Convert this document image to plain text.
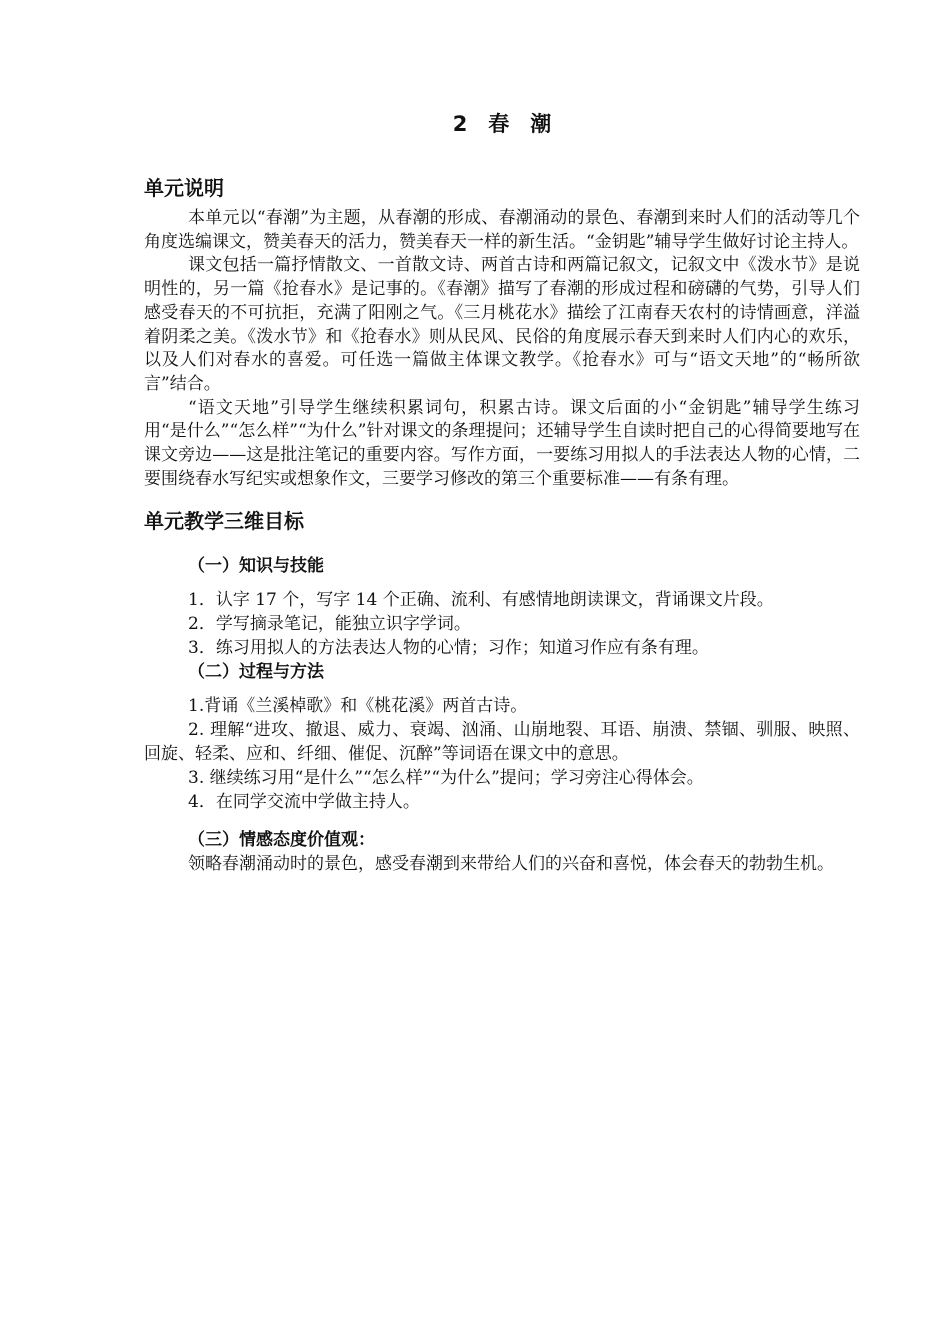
2　春　潮
单元说明

本单元以“春潮”为主题，从春潮的形成、春潮涌动的景色、春潮到来时人们的活动等几个角度选编课文，赞美春天的活力，赞美春天一样的新生活。“金钥匙”辅导学生做好讨论主持人。

课文包括一篇抒情散文、一首散文诗、两首古诗和两篇记叙文，记叙文中《泼水节》是说明性的，另一篇《抢春水》是记事的。《春潮》描写了春潮的形成过程和磅礴的气势，引导人们感受春天的不可抗拒，充满了阳刚之气。《三月桃花水》描绘了江南春天农村的诗情画意，洋溢着阴柔之美。《泼水节》和《抢春水》则从民风、民俗的角度展示春天到来时人们内心的欢乐，以及人们对春水的喜爱。可任选一篇做主体课文教学。《抢春水》可与“语文天地”的“畅所欲言”结合。

“语文天地”引导学生继续积累词句，积累古诗。课文后面的小“金钥匙”辅导学生练习用“是什么”“怎么样”“为什么”针对课文的条理提问；还辅导学生自读时把自己的心得简要地写在课文旁边——这是批注笔记的重要内容。写作方面，一要练习用拟人的手法表达人物的心情，二要围绕春水写纪实或想象作文，三要学习修改的第三个重要标准——有条有理。

单元教学三维目标
（一）知识与技能

1．认字 17 个，写字 14 个正确、流利、有感情地朗读课文，背诵课文片段。

2．学写摘录笔记，能独立识字学词。

3．练习用拟人的方法表达人物的心情；习作；知道习作应有条有理。

（二）过程与方法

1.背诵《兰溪棹歌》和《桃花溪》两首古诗。

2. 理解“进攻、撤退、威力、衰竭、汹涌、山崩地裂、耳语、崩溃、禁锢、驯服、映照、回旋、轻柔、应和、纤细、催促、沉醉”等词语在课文中的意思。

3. 继续练习用“是什么”“怎么样”“为什么”提问；学习旁注心得体会。

4．在同学交流中学做主持人。

（三）情感态度价值观：

领略春潮涌动时的景色，感受春潮到来带给人们的兴奋和喜悦，体会春天的勃勃生机。
